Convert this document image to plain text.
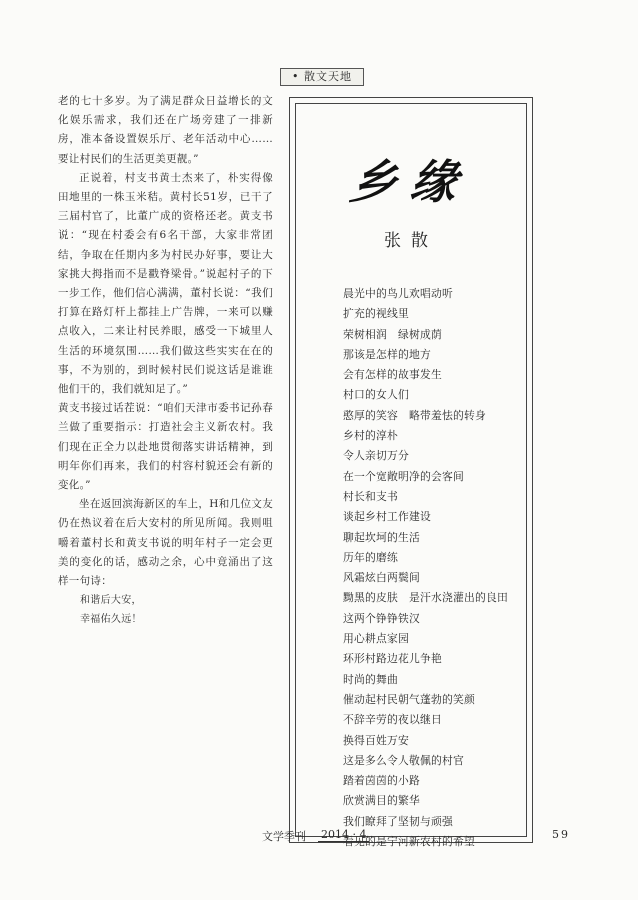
• 散文天地

老的七十多岁。为了满足群众日益增长的文化娱乐需求，我们还在广场旁建了一排新房，准本备设置娱乐厅、老年活动中心……要让村民们的生活更美更靓。”

正说着，村支书黄士杰来了，朴实得像田地里的一株玉米秸。黄村长51岁，已干了三届村官了，比董广成的资格还老。黄支书说：“现在村委会有6名干部，大家非常团结，争取在任期内多为村民办好事，要让大家挑大拇指而不是戳脊梁骨。”说起村子的下一步工作，他们信心满满，董村长说：“我们打算在路灯杆上都挂上广告牌，一来可以赚点收入，二来让村民养眼，感受一下城里人生活的环境氛围……我们做这些实实在在的事，不为别的，到时候村民们说这话是谁谁他们干的，我们就知足了。”

黄支书接过话茬说：“咱们天津市委书记孙春兰做了重要指示：打造社会主义新农村。我们现在正全力以赴地贯彻落实讲话精神，到明年你们再来，我们的村容村貌还会有新的变化。”

坐在返回滨海新区的车上，H和几位文友仍在热议着在后大安村的所见所闻。我则咀嚼着董村长和黄支书说的明年村子一定会更美的变化的话，感动之余，心中竟涌出了这样一句诗：

和谐后大安，

幸福佑久远！

乡缘
张散
晨光中的鸟儿欢唱动听
扩充的视线里
荣树相润　绿树成荫
那该是怎样的地方
会有怎样的故事发生
村口的女人们
憨厚的笑容　略带羞怯的转身
乡村的淳朴
令人亲切万分
在一个宽敞明净的会客间
村长和支书
谈起乡村工作建设
聊起坎坷的生活
历年的磨练
风霜炫白两鬓间
黝黑的皮肤　是汗水浇灌出的良田
这两个铮铮铁汉
用心耕点家园
环形村路边花儿争艳
时尚的舞曲
催动起村民朝气蓬勃的笑颜
不辞辛劳的夜以继日
换得百姓万安
这是多么令人敬佩的村官
踏着茵茵的小路
欣赏满目的繁华
我们瞭拜了坚韧与顽强
看见的是宁河新农村的希望
文学季刊 2014 · 4	59
